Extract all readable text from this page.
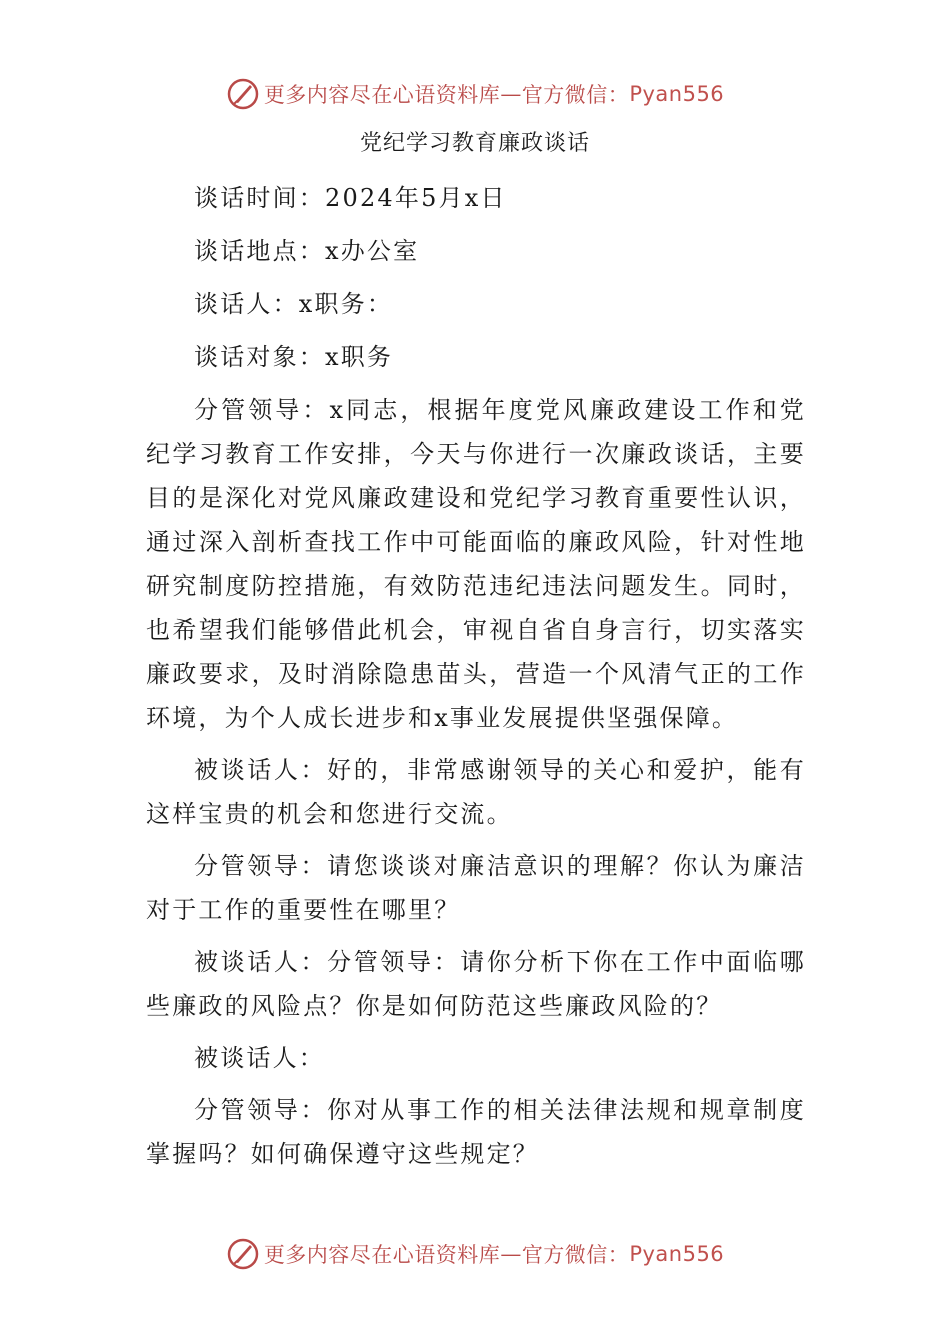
更多内容尽在心语资料库 — 官方微信： Pyan556
党纪学习教育廉政谈话

谈话时间：2024年5月x日

谈话地点：x办公室

谈话人：x职务：

谈话对象：x职务

分管领导：x同志，根据年度党风廉政建设工作和党纪学习教育工作安排，今天与你进行一次廉政谈话，主要目的是深化对党风廉政建设和党纪学习教育重要性认识，通过深入剖析查找工作中可能面临的廉政风险，针对性地研究制度防控措施，有效防范违纪违法问题发生。同时，也希望我们能够借此机会，审视自省自身言行，切实落实廉政要求，及时消除隐患苗头，营造一个风清气正的工作环境，为个人成长进步和x事业发展提供坚强保障。

被谈话人：好的，非常感谢领导的关心和爱护，能有这样宝贵的机会和您进行交流。

分管领导：请您谈谈对廉洁意识的理解？你认为廉洁对于工作的重要性在哪里？

被谈话人：分管领导：请你分析下你在工作中面临哪些廉政的风险点？你是如何防范这些廉政风险的？

被谈话人：

分管领导：你对从事工作的相关法律法规和规章制度掌握吗？如何确保遵守这些规定？

更多内容尽在心语资料库 — 官方微信： Pyan556
